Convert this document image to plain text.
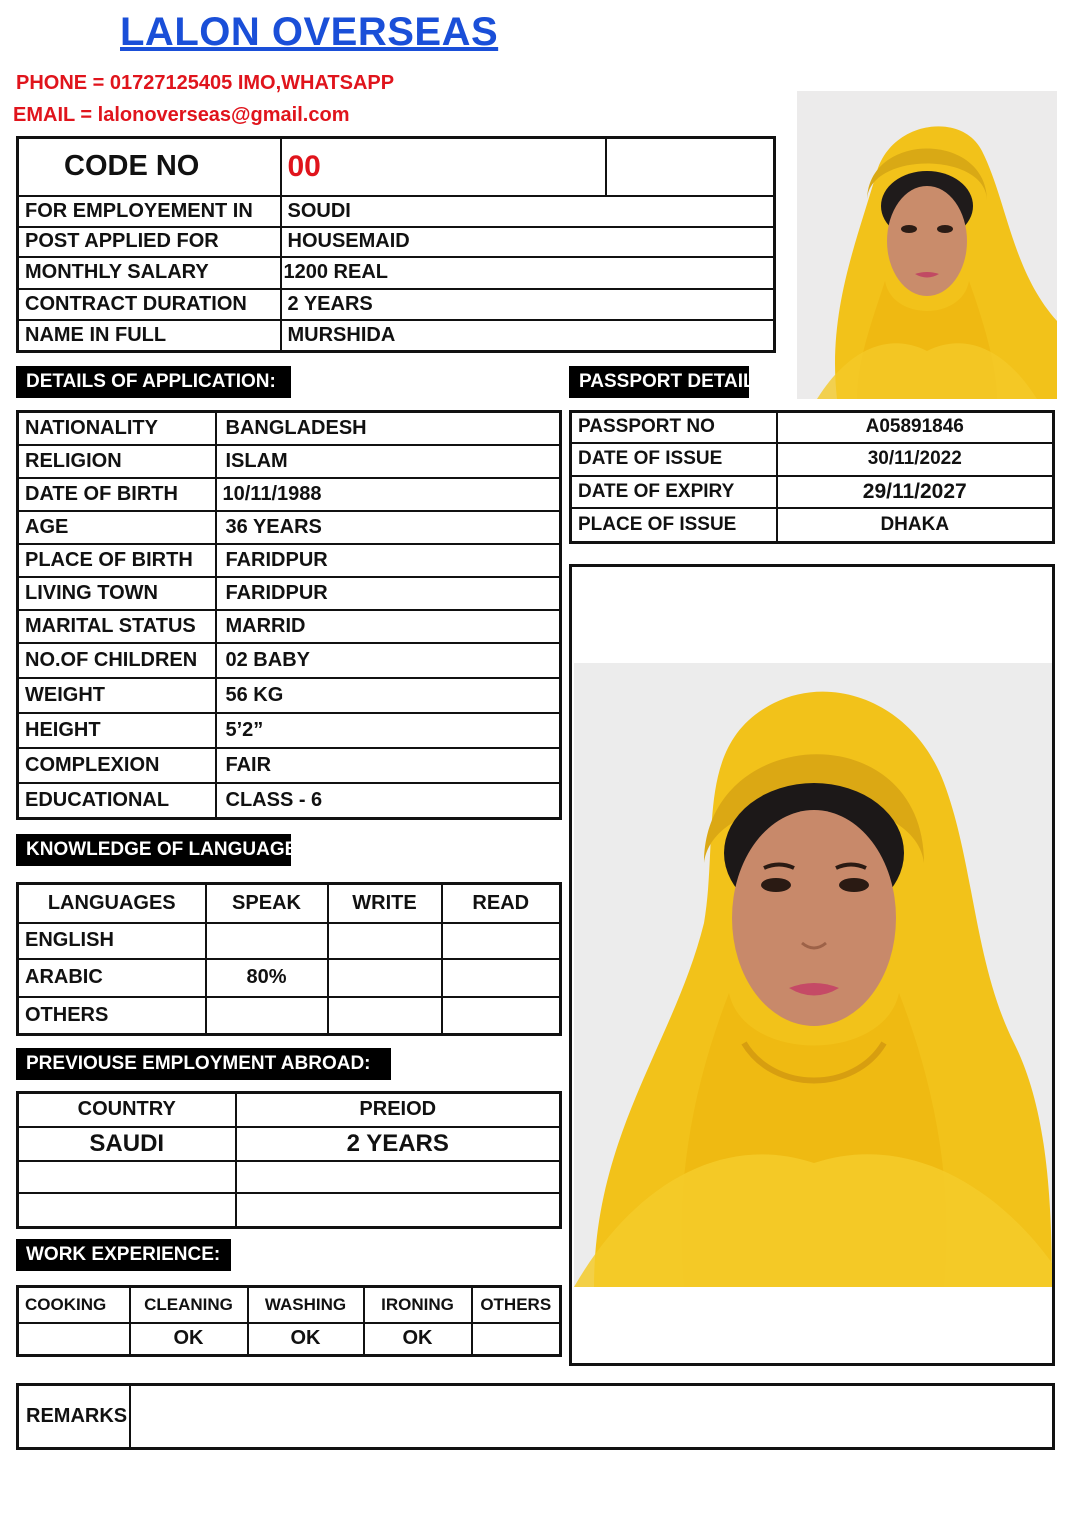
LALON OVERSEAS
PHONE = 01727125405 IMO,WHATSAPP
EMAIL = lalonoverseas@gmail.com
CODE NO	00	
FOR EMPLOYEMENT IN	SOUDI	
POST APPLIED FOR	HOUSEMAID	
MONTHLY SALARY	1200 REAL	
CONTRACT DURATION	2 YEARS	
NAME IN FULL	MURSHIDA	
DETAILS OF APPLICATION:	PASSPORT DETAILS:
NATIONALITY	BANGLADESH
RELIGION	ISLAM
DATE OF BIRTH	10/11/1988
AGE	36 YEARS
PLACE OF BIRTH	FARIDPUR
LIVING TOWN	FARIDPUR
MARITAL STATUS	MARRID
NO.OF CHILDREN	02 BABY
WEIGHT	56 KG
HEIGHT	5’2”
COMPLEXION	FAIR
EDUCATIONAL	CLASS - 6
PASSPORT NO	A05891846
DATE OF ISSUE	30/11/2022
DATE OF EXPIRY	29/11/2027
PLACE OF ISSUE	DHAKA
KNOWLEDGE OF LANGUAGE:
LANGUAGES	SPEAK	WRITE	READ
ENGLISH			
ARABIC	80%		
OTHERS			
PREVIOUSE EMPLOYMENT ABROAD:
COUNTRY	PREIOD
SAUDI	2 YEARS

WORK EXPERIENCE:
COOKING	CLEANING	WASHING	IRONING	OTHERS
	OK	OK	OK	
REMARKS	
